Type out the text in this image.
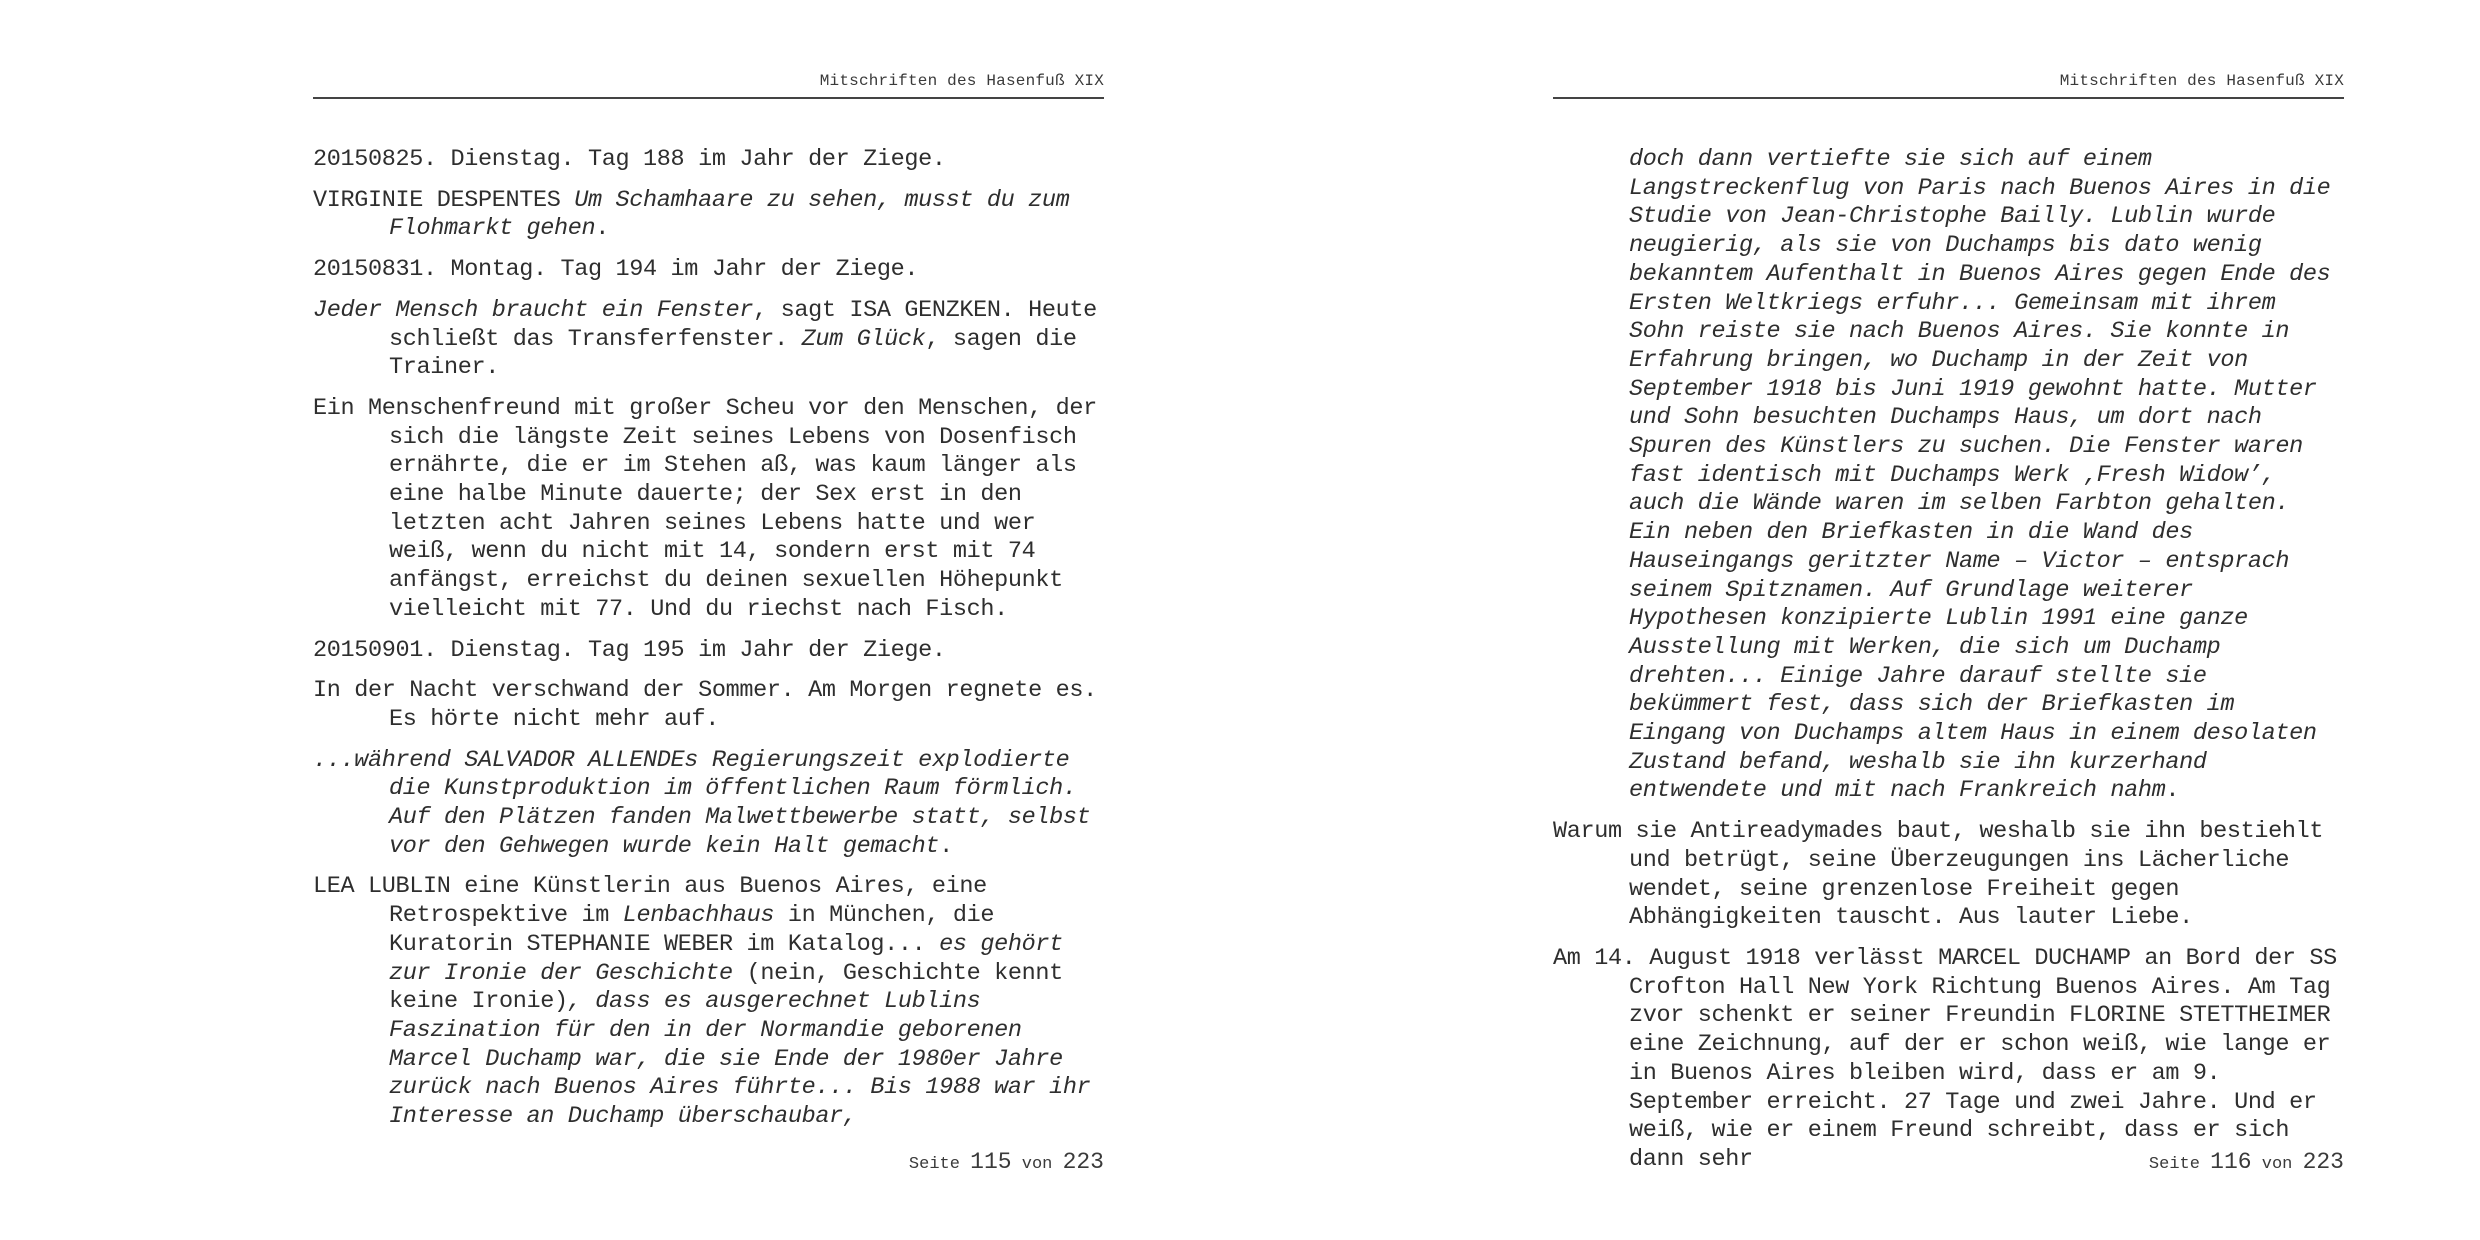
Mitschriften des Hasenfuß XIX

20150825. Dienstag. Tag 188 im Jahr der Ziege.

VIRGINIE DESPENTES Um Schamhaare zu sehen, musst du zum Flohmarkt gehen.

20150831. Montag. Tag 194 im Jahr der Ziege.

Jeder Mensch braucht ein Fenster, sagt ISA GENZKEN. Heute schließt das Transferfenster. Zum Glück, sagen die Trainer.

Ein Menschenfreund mit großer Scheu vor den Menschen, der sich die längste Zeit seines Lebens von Dosenfisch ernährte, die er im Stehen aß, was kaum länger als eine halbe Minute dauerte; der Sex erst in den letzten acht Jahren seines Lebens hatte und wer weiß, wenn du nicht mit 14, sondern erst mit 74 anfängst, erreichst du deinen sexuellen Höhepunkt vielleicht mit 77. Und du riechst nach Fisch.

20150901. Dienstag. Tag 195 im Jahr der Ziege.

In der Nacht verschwand der Sommer. Am Morgen regnete es. Es hörte nicht mehr auf.

...während SALVADOR ALLENDEs Regierungszeit explodierte die Kunstproduktion im öffentlichen Raum förmlich. Auf den Plätzen fanden Malwettbewerbe statt, selbst vor den Gehwegen wurde kein Halt gemacht.

LEA LUBLIN eine Künstlerin aus Buenos Aires, eine Retrospektive im Lenbachhaus in München, die Kuratorin STEPHANIE WEBER im Katalog... es gehört zur Ironie der Geschichte (nein, Geschichte kennt keine Ironie), dass es ausgerechnet Lublins Faszination für den in der Normandie geborenen Marcel Duchamp war, die sie Ende der 1980er Jahre zurück nach Buenos Aires führte... Bis 1988 war ihr Interesse an Duchamp überschaubar,

Seite 115 von 223
Mitschriften des Hasenfuß XIX

doch dann vertiefte sie sich auf einem Langstreckenflug von Paris nach Buenos Aires in die Studie von Jean-Christophe Bailly. Lublin wurde neugierig, als sie von Duchamps bis dato wenig bekanntem Aufenthalt in Buenos Aires gegen Ende des Ersten Weltkriegs erfuhr... Gemeinsam mit ihrem Sohn reiste sie nach Buenos Aires. Sie konnte in Erfahrung bringen, wo Duchamp in der Zeit von September 1918 bis Juni 1919 gewohnt hatte. Mutter und Sohn besuchten Duchamps Haus, um dort nach Spuren des Künstlers zu suchen. Die Fenster waren fast identisch mit Duchamps Werk ‚Fresh Widow’, auch die Wände waren im selben Farbton gehalten. Ein neben den Briefkasten in die Wand des Hauseingangs geritzter Name – Victor – entsprach seinem Spitznamen. Auf Grundlage weiterer Hypothesen konzipierte Lublin 1991 eine ganze Ausstellung mit Werken, die sich um Duchamp drehten... Einige Jahre darauf stellte sie bekümmert fest, dass sich der Briefkasten im Eingang von Duchamps altem Haus in einem desolaten Zustand befand, weshalb sie ihn kurzerhand entwendete und mit nach Frankreich nahm.

Warum sie Antireadymades baut, weshalb sie ihn bestiehlt und betrügt, seine Überzeugungen ins Lächerliche wendet, seine grenzenlose Freiheit gegen Abhängigkeiten tauscht. Aus lauter Liebe.

Am 14. August 1918 verlässt MARCEL DUCHAMP an Bord der SS Crofton Hall New York Richtung Buenos Aires. Am Tag zvor schenkt er seiner Freundin FLORINE STETTHEIMER eine Zeichnung, auf der er schon weiß, wie lange er in Buenos Aires bleiben wird, dass er am 9. September erreicht. 27 Tage und zwei Jahre. Und er weiß, wie er einem Freund schreibt, dass er sich dann sehr	Seite 116 von 223
